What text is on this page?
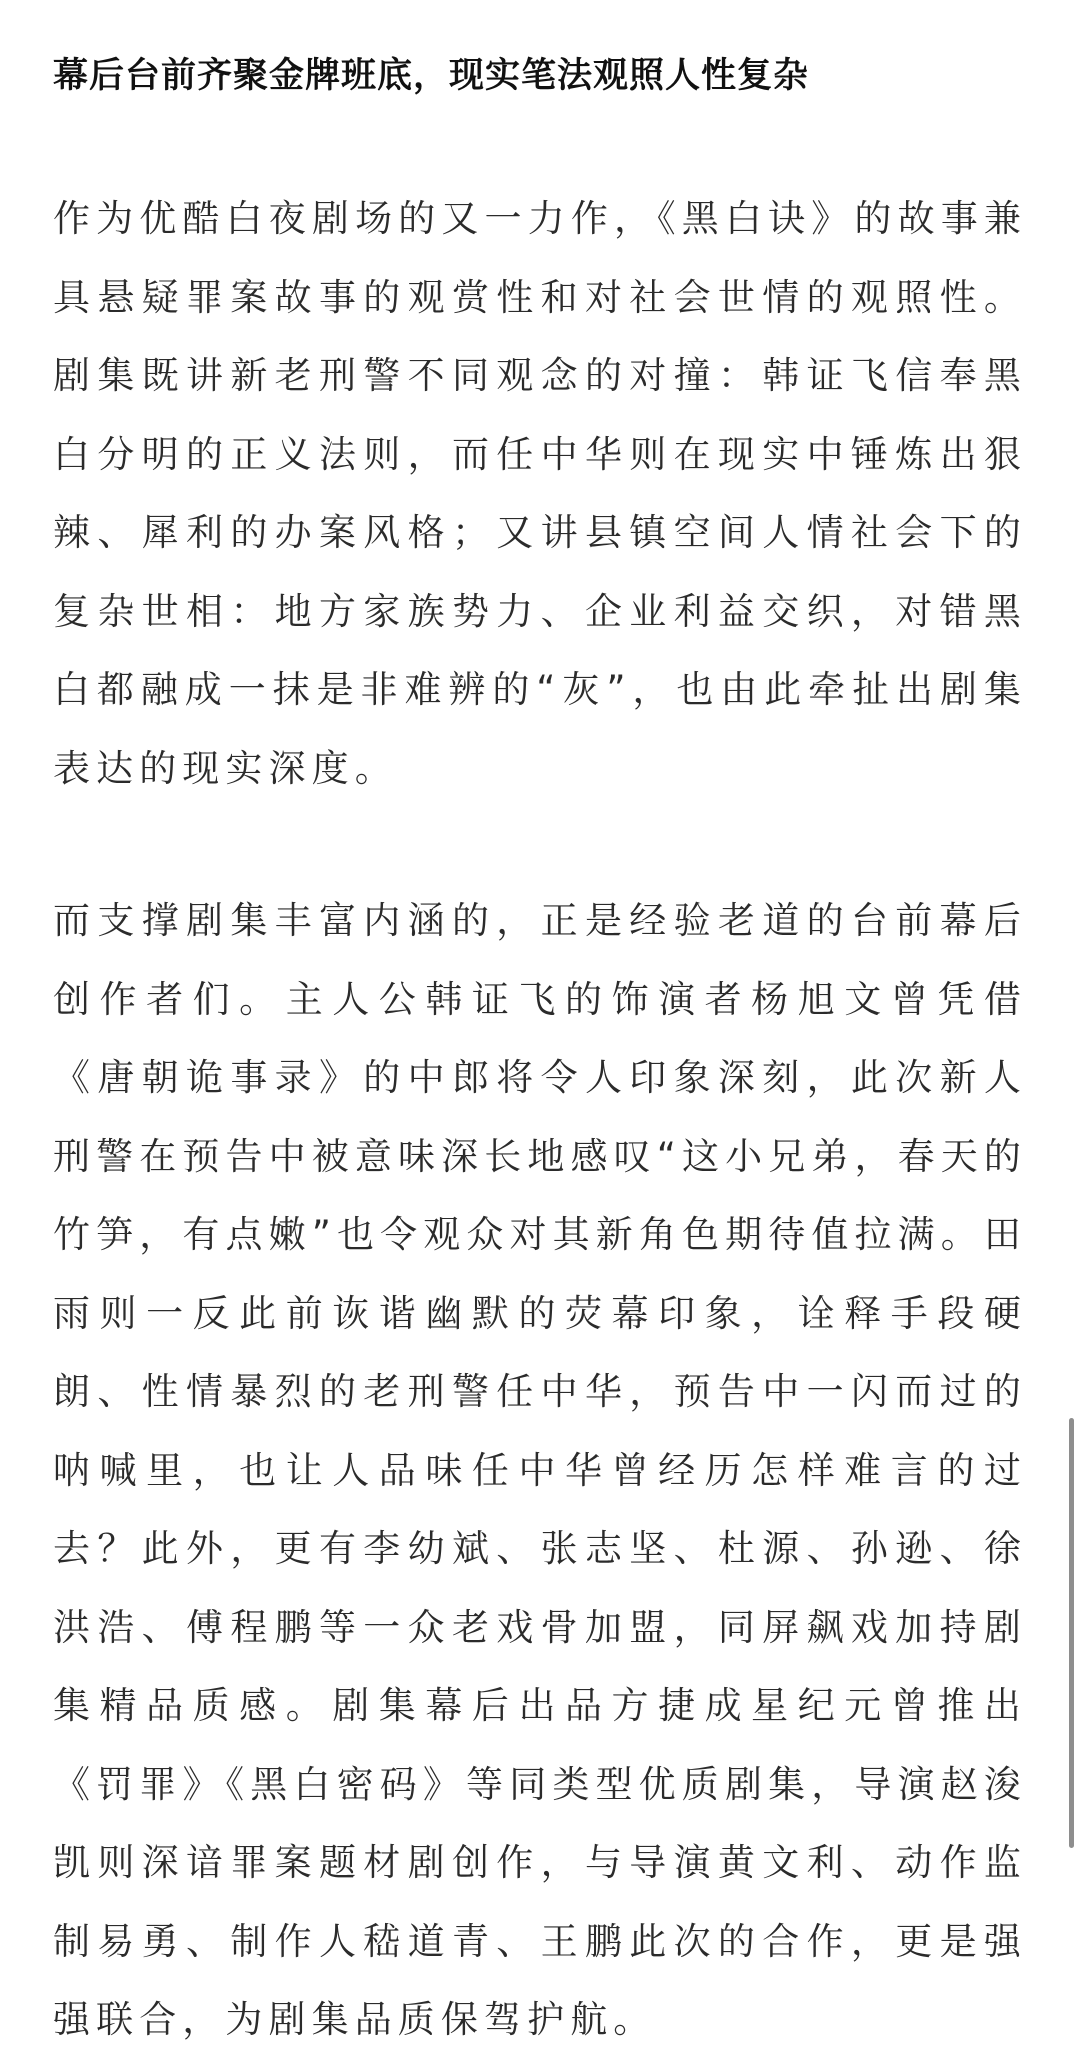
幕后台前齐聚金牌班底，现实笔法观照人性复杂

作为优酷白夜剧场的又一力作，《黑白诀》的故事兼具悬疑罪案故事的观赏性和对社会世情的观照性。剧集既讲新老刑警不同观念的对撞：韩证飞信奉黑白分明的正义法则，而任中华则在现实中锤炼出狠辣、犀利的办案风格；又讲县镇空间人情社会下的复杂世相：地方家族势力、企业利益交织，对错黑白都融成一抹是非难辨的“灰”，也由此牵扯出剧集表达的现实深度。

而支撑剧集丰富内涵的，正是经验老道的台前幕后创作者们。主人公韩证飞的饰演者杨旭文曾凭借《唐朝诡事录》的中郎将令人印象深刻，此次新人刑警在预告中被意味深长地感叹“这小兄弟，春天的竹笋，有点嫩”也令观众对其新角色期待值拉满。田雨则一反此前诙谐幽默的荧幕印象，诠释手段硬朗、性情暴烈的老刑警任中华，预告中一闪而过的呐喊里，也让人品味任中华曾经历怎样难言的过去？此外，更有李幼斌、张志坚、杜源、孙逊、徐洪浩、傅程鹏等一众老戏骨加盟，同屏飙戏加持剧集精品质感。剧集幕后出品方捷成星纪元曾推出《罚罪》《黑白密码》等同类型优质剧集，导演赵浚凯则深谙罪案题材剧创作，与导演黄文利、动作监制易勇、制作人嵇道青、王鹏此次的合作，更是强强联合，为剧集品质保驾护航。
